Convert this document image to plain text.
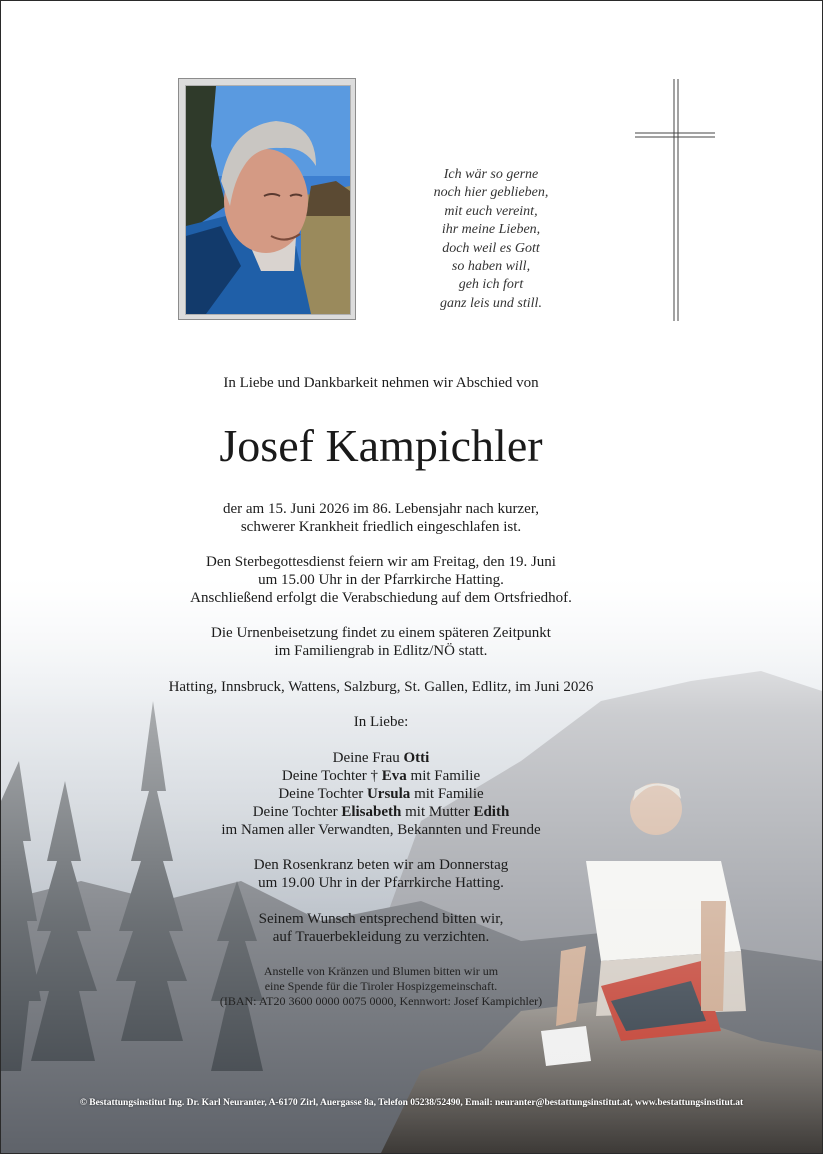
Ich wär so gerne
noch hier geblieben,
mit euch vereint,
ihr meine Lieben,
doch weil es Gott
so haben will,
geh ich fort
ganz leis und still.
In Liebe und Dankbarkeit nehmen wir Abschied von
Josef Kampichler
der am 15. Juni 2026 im 86. Lebensjahr nach kurzer,
schwerer Krankheit friedlich eingeschlafen ist.
Den Sterbegottesdienst feiern wir am Freitag, den 19. Juni
um 15.00 Uhr in der Pfarrkirche Hatting.
Anschließend erfolgt die Verabschiedung auf dem Ortsfriedhof.
Die Urnenbeisetzung findet zu einem späteren Zeitpunkt
im Familiengrab in Edlitz/NÖ statt.
Hatting, Innsbruck, Wattens, Salzburg, St. Gallen, Edlitz, im Juni 2026
In Liebe:
Deine Frau Otti
Deine Tochter † Eva mit Familie
Deine Tochter Ursula mit Familie
Deine Tochter Elisabeth mit Mutter Edith
im Namen aller Verwandten, Bekannten und Freunde
Den Rosenkranz beten wir am Donnerstag
um 19.00 Uhr in der Pfarrkirche Hatting.
Seinem Wunsch entsprechend bitten wir,
auf Trauerbekleidung zu verzichten.
Anstelle von Kränzen und Blumen bitten wir um
eine Spende für die Tiroler Hospizgemeinschaft.
(IBAN: AT20 3600 0000 0075 0000, Kennwort: Josef Kampichler)
© Bestattungsinstitut Ing. Dr. Karl Neuranter, A-6170 Zirl, Auergasse 8a, Telefon 05238/52490, Email: neuranter@bestattungsinstitut.at, www.bestattungsinstitut.at
